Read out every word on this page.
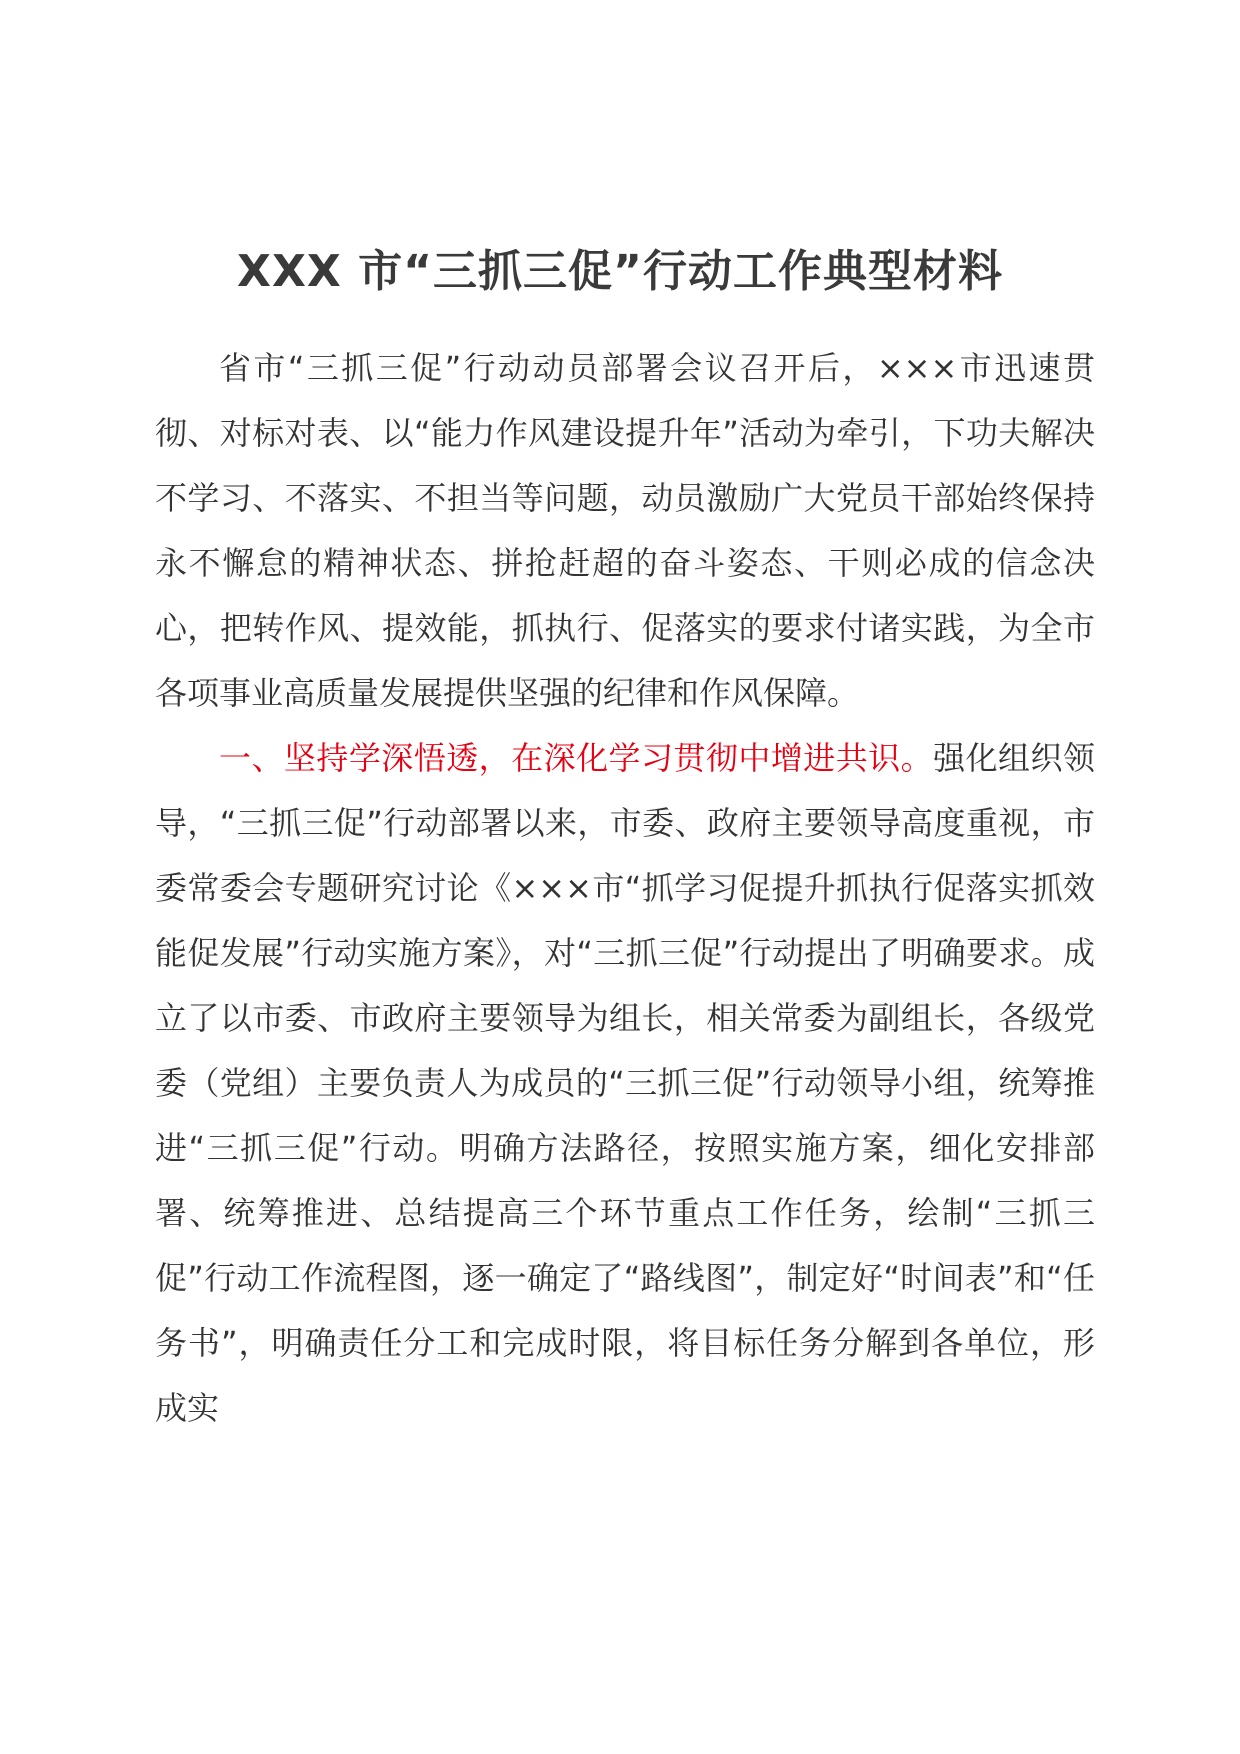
XXX 市“三抓三促”行动工作典型材料

省市“三抓三促”行动动员部署会议召开后，×××市迅速贯彻、对标对表、以“能力作风建设提升年”活动为牵引，下功夫解决不学习、不落实、不担当等问题，动员激励广大党员干部始终保持永不懈怠的精神状态、拼抢赶超的奋斗姿态、干则必成的信念决心，把转作风、提效能，抓执行、促落实的要求付诸实践，为全市各项事业高质量发展提供坚强的纪律和作风保障。

一、坚持学深悟透，在深化学习贯彻中增进共识。强化组织领导，“三抓三促”行动部署以来，市委、政府主要领导高度重视，市委常委会专题研究讨论《×××市“抓学习促提升抓执行促落实抓效能促发展”行动实施方案》，对“三抓三促”行动提出了明确要求。成立了以市委、市政府主要领导为组长，相关常委为副组长，各级党委（党组）主要负责人为成员的“三抓三促”行动领导小组，统筹推进“三抓三促”行动。明确方法路径，按照实施方案，细化安排部署、统筹推进、总结提高三个环节重点工作任务，绘制“三抓三促”行动工作流程图，逐一确定了“路线图”，制定好“时间表”和“任务书”，明确责任分工和完成时限，将目标任务分解到各单位，形成实
